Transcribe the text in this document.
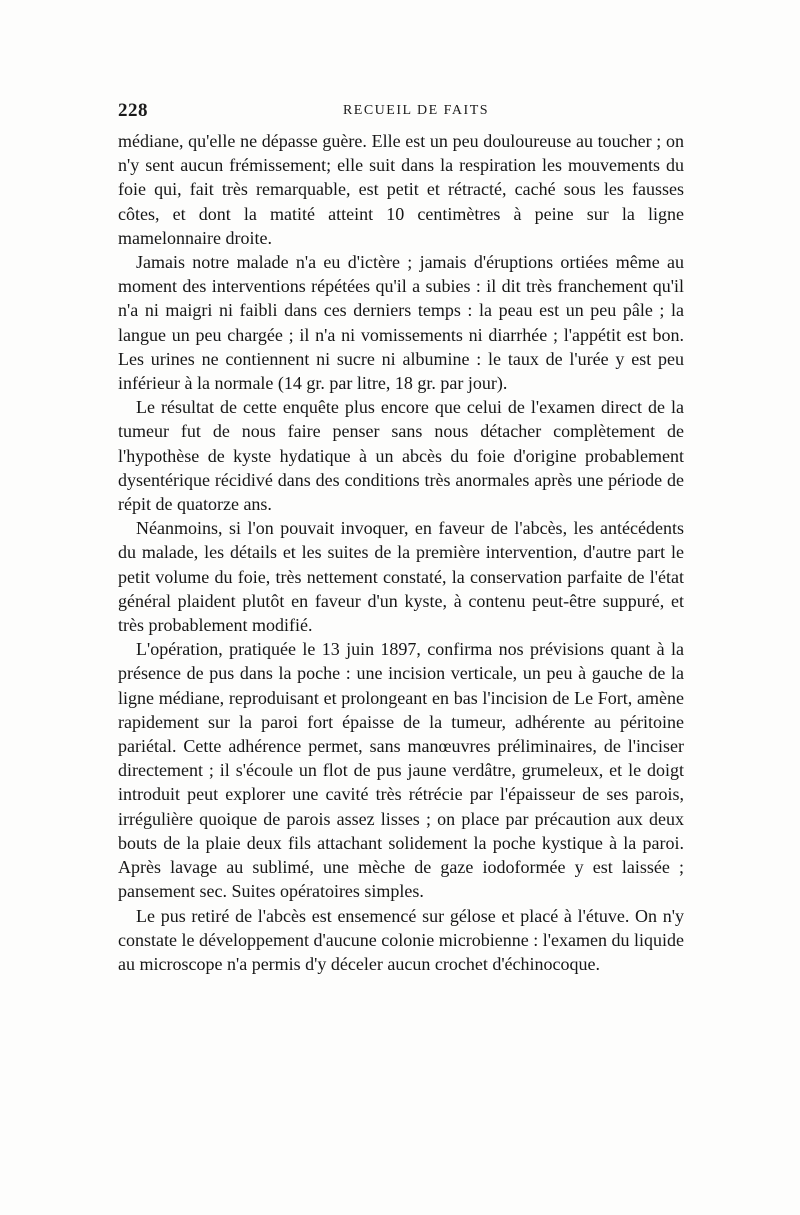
228	RECUEIL DE FAITS

médiane, qu'elle ne dépasse guère. Elle est un peu douloureuse au toucher ; on n'y sent aucun frémissement; elle suit dans la respiration les mouvements du foie qui, fait très remarquable, est petit et rétracté, caché sous les fausses côtes, et dont la matité atteint 10 centimètres à peine sur la ligne mamelonnaire droite.

Jamais notre malade n'a eu d'ictère ; jamais d'éruptions ortiées même au moment des interventions répétées qu'il a subies : il dit très franchement qu'il n'a ni maigri ni faibli dans ces derniers temps : la peau est un peu pâle ; la langue un peu chargée ; il n'a ni vomissements ni diarrhée ; l'appétit est bon. Les urines ne contiennent ni sucre ni albumine : le taux de l'urée y est peu inférieur à la normale (14 gr. par litre, 18 gr. par jour).

Le résultat de cette enquête plus encore que celui de l'examen direct de la tumeur fut de nous faire penser sans nous détacher complètement de l'hypothèse de kyste hydatique à un abcès du foie d'origine probablement dysentérique récidivé dans des conditions très anormales après une période de répit de quatorze ans.

Néanmoins, si l'on pouvait invoquer, en faveur de l'abcès, les antécédents du malade, les détails et les suites de la première intervention, d'autre part le petit volume du foie, très nettement constaté, la conservation parfaite de l'état général plaident plutôt en faveur d'un kyste, à contenu peut-être suppuré, et très probablement modifié.

L'opération, pratiquée le 13 juin 1897, confirma nos prévisions quant à la présence de pus dans la poche : une incision verticale, un peu à gauche de la ligne médiane, reproduisant et prolongeant en bas l'incision de Le Fort, amène rapidement sur la paroi fort épaisse de la tumeur, adhérente au péritoine pariétal. Cette adhérence permet, sans manœuvres préliminaires, de l'inciser directement ; il s'écoule un flot de pus jaune verdâtre, grumeleux, et le doigt introduit peut explorer une cavité très rétrécie par l'épaisseur de ses parois, irrégulière quoique de parois assez lisses ; on place par précaution aux deux bouts de la plaie deux fils attachant solidement la poche kystique à la paroi. Après lavage au sublimé, une mèche de gaze iodoformée y est laissée ; pansement sec. Suites opératoires simples.

Le pus retiré de l'abcès est ensemencé sur gélose et placé à l'étuve. On n'y constate le développement d'aucune colonie microbienne : l'examen du liquide au microscope n'a permis d'y déceler aucun crochet d'échinocoque.
